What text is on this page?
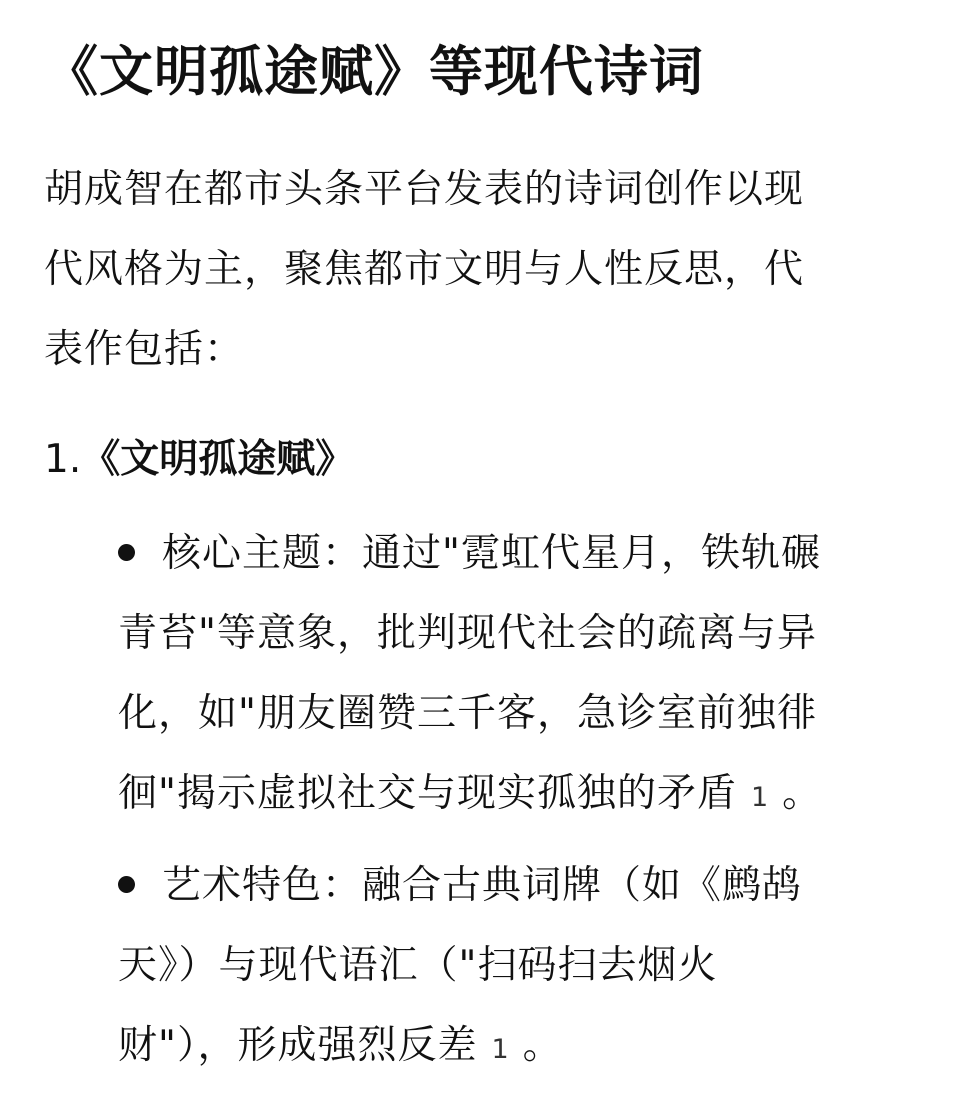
《文明孤途赋》等现代诗词

胡成智在都市头条平台发表的诗词创作以现
代风格为主，聚焦都市文明与人性反思，代
表作包括：

1.《文明孤途赋》
核心主题：通过"霓虹代星月，铁轨碾
青苔"等意象，批判现代社会的疏离与异
化，如"朋友圈赞三千客，急诊室前独徘
徊"揭示虚拟社交与现实孤独的矛盾 1 。
艺术特色：融合古典词牌（如《鹧鸪
天》）与现代语汇（"扫码扫去烟火
财"），形成强烈反差 1 。
